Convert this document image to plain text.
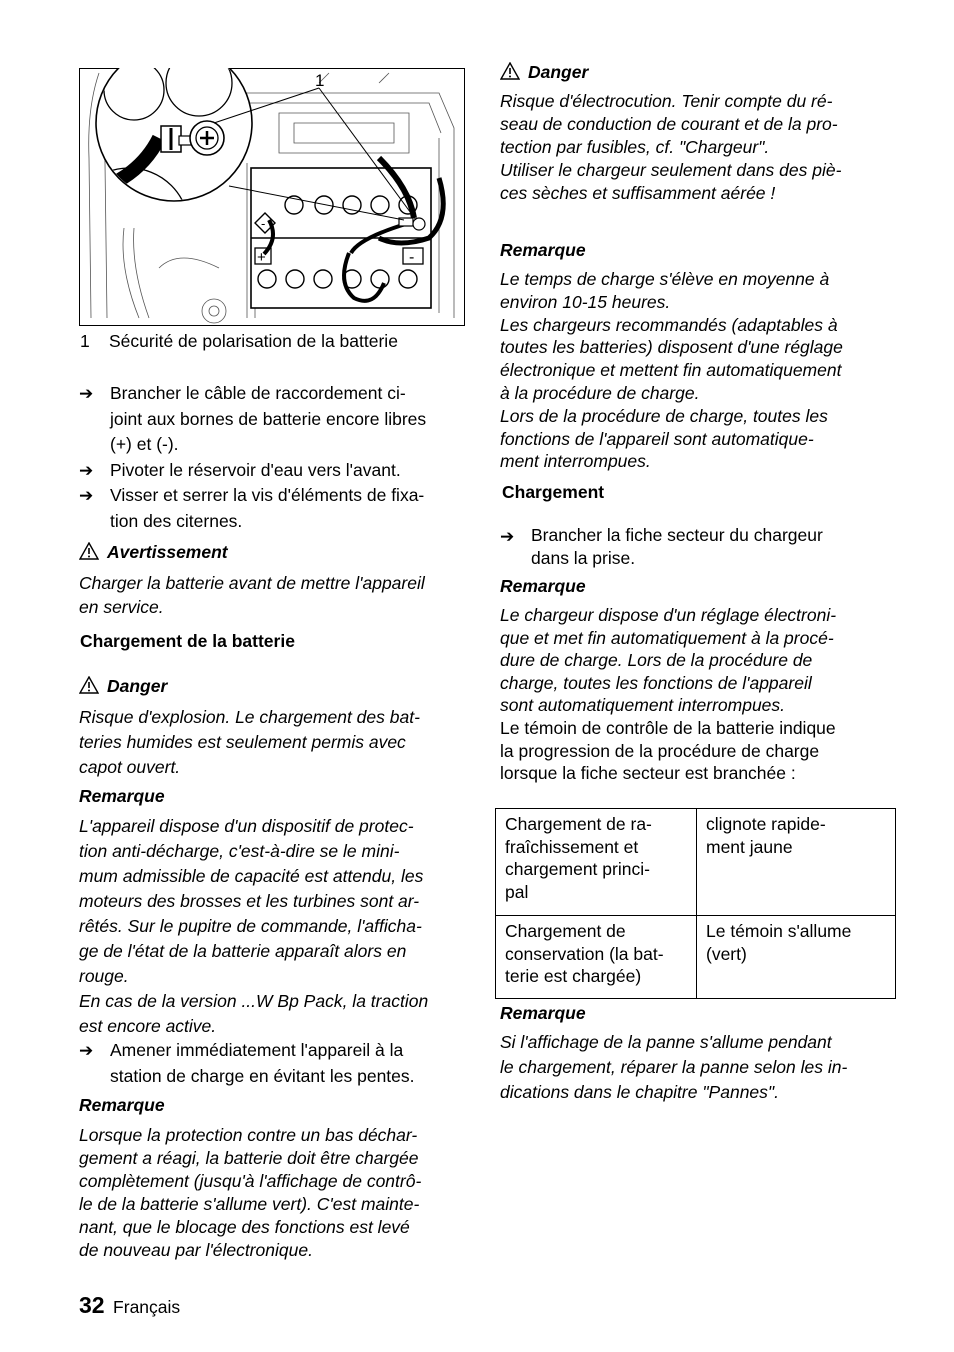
1
+	-
-
1 Sécurité de polarisation de la batterie
➔ Brancher le câble de raccordement ci-
joint aux bornes de batterie encore libres
(+) et (-).
➔ Pivoter le réservoir d'eau vers l'avant.
➔ Visser et serrer la vis d'éléments de fixa-
tion des citernes.
Avertissement
Charger la batterie avant de mettre l'appareil
en service.
Chargement de la batterie
Danger
Risque d'explosion. Le chargement des bat-
teries humides est seulement permis avec
capot ouvert.
Remarque
L'appareil dispose d'un dispositif de protec-
tion anti-décharge, c'est-à-dire se le mini-
mum admissible de capacité est attendu, les
moteurs des brosses et les turbines sont ar-
rêtés. Sur le pupitre de commande, l'afficha-
ge de l'état de la batterie apparaît alors en
rouge.
En cas de la version ...W Bp Pack, la traction
est encore active.
➔ Amener immédiatement l'appareil à la
station de charge en évitant les pentes.
Remarque
Lorsque la protection contre un bas déchar-
gement a réagi, la batterie doit être chargée
complètement (jusqu'à l'affichage de contrô-
le de la batterie s'allume vert). C'est mainte-
nant, que le blocage des fonctions est levé
de nouveau par l'électronique.
32 Français
Danger
Risque d'électrocution. Tenir compte du ré-
seau de conduction de courant et de la pro-
tection par fusibles, cf. "Chargeur".
Utiliser le chargeur seulement dans des piè-
ces sèches et suffisamment aérée !
Remarque
Le temps de charge s'élève en moyenne à
environ 10-15 heures.
Les chargeurs recommandés (adaptables à
toutes les batteries) disposent d'une réglage
électronique et mettent fin automatiquement
à la procédure de charge.
Lors de la procédure de charge, toutes les
fonctions de l'appareil sont automatique-
ment interrompues.
Chargement
➔ Brancher la fiche secteur du chargeur
dans la prise.
Remarque
Le chargeur dispose d'un réglage électroni-
que et met fin automatiquement à la procé-
dure de charge. Lors de la procédure de
charge, toutes les fonctions de l'appareil
sont automatiquement interrompues.
Le témoin de contrôle de la batterie indique
la progression de la procédure de charge
lorsque la fiche secteur est branchée :
Chargement de ra-
fraîchissement et
chargement princi-
pal	clignote rapide-
ment jaune
Chargement de
conservation (la bat-
terie est chargée)	Le témoin s'allume
(vert)
Remarque
Si l'affichage de la panne s'allume pendant
le chargement, réparer la panne selon les in-
dications dans le chapitre "Pannes".
